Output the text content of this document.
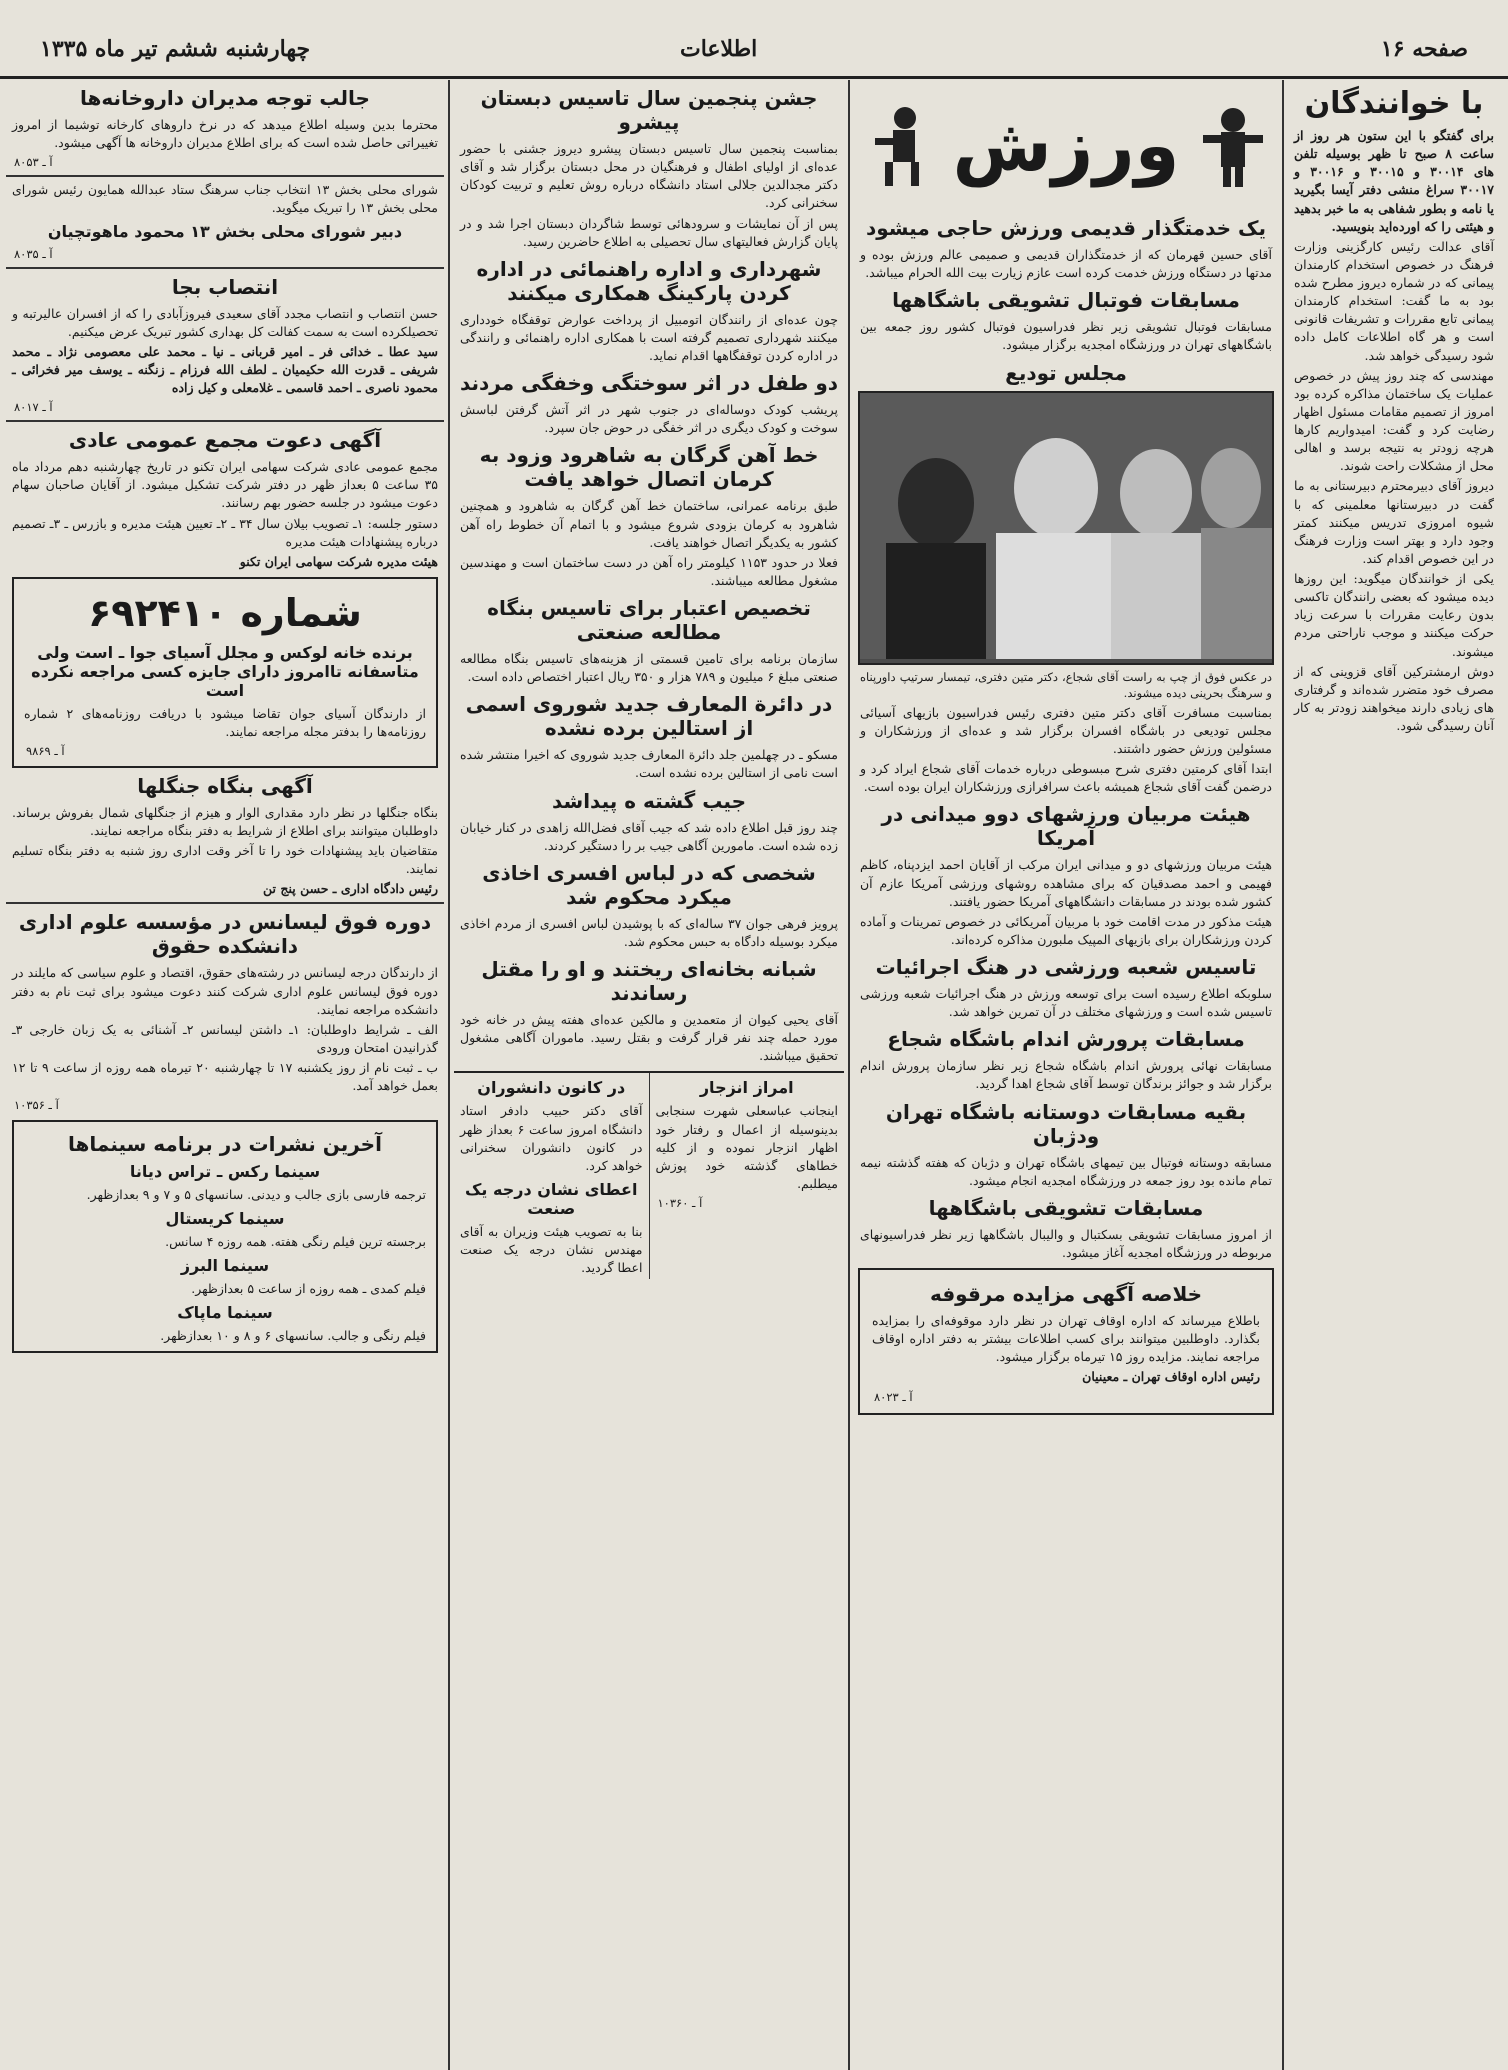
چهارشنبه ششم تیر ماه ۱۳۳۵	اطلاعات	صفحه ۱۶
با خوانندگان

برای گفتگو با این ستون هر روز از ساعت ۸ صبح تا ظهر بوسیله تلفن های ۳۰۰۱۴ و ۳۰۰۱۵ و ۳۰۰۱۶ و ۳۰۰۱۷ سراغ منشی دفتر آیسا بگیرید یا نامه و بطور شفاهی به ما خبر بدهید و هیئتی را که اورده‌اید بنویسید.

آقای عدالت رئیس کارگزینی وزارت فرهنگ در خصوص استخدام کارمندان پیمانی که در شماره دیروز مطرح شده بود به ما گفت: استخدام کارمندان پیمانی تابع مقررات و تشریفات قانونی است و هر گاه اطلاعات کامل داده شود رسیدگی خواهد شد.

مهندسی که چند روز پیش در خصوص عمليات یک ساختمان مذاکره کرده بود امروز از تصمیم مقامات مسئول اظهار رضایت کرد و گفت: امیدواریم کارها هرچه زودتر به نتیجه برسد و اهالی محل از مشکلات راحت شوند.

دیروز آقای دبیرمحترم دبیرستانی به ما گفت در دبیرستانها معلمینی که با شیوه امروزی تدریس میکنند کمتر وجود دارد و بهتر است وزارت فرهنگ در این خصوص اقدام کند.

یکی از خوانندگان میگوید: این روزها دیده میشود که بعضی رانندگان تاکسی بدون رعایت مقررات با سرعت زیاد حرکت میکنند و موجب ناراحتی مردم میشوند.

دوش ارمشترکین آقای قزوینی که از مصرف خود متضرر شده‌اند و گرفتاری های زیادی دارند میخواهند زودتر به کار آنان رسیدگی شود.

ورزش
یک خدمتگذار قدیمی ورزش حاجی میشود

آقای حسین قهرمان که از خدمتگذاران قدیمی و صمیمی عالم ورزش بوده و مدتها در دستگاه ورزش خدمت کرده است عازم زیارت بیت الله الحرام میباشد.

مسابقات فوتبال تشویقی باشگاهها

مسابقات فوتبال تشویقی زیر نظر فدراسیون فوتبال کشور روز جمعه بین باشگاههای تهران در ورزشگاه امجدیه برگزار میشود.

مجلس تودیع

در عکس فوق از چپ به راست آقای شجاع، دکتر متین دفتری، تیمسار سرتیپ داورپناه و سرهنگ بحرینی دیده میشوند.

بمناسبت مسافرت آقای دکتر متین دفتری رئیس فدراسیون بازیهای آسیائی مجلس تودیعی در باشگاه افسران برگزار شد و عده‌ای از ورزشکاران و مسئولین ورزش حضور داشتند.

ابتدا آقای کرمتین دفتری شرح مبسوطی درباره خدمات آقای شجاع ایراد کرد و درضمن گفت آقای شجاع همیشه باعث سرافرازی ورزشکاران ایران بوده است.

هیئت مربیان ورزشهای دوو میدانی در آمریکا

هیئت مربیان ورزشهای دو و میدانی ایران مرکب از آقایان احمد ایزدپناه، کاظم فهیمی و احمد مصدقیان که برای مشاهده روشهای ورزشی آمریکا عازم آن کشور شده بودند در مسابقات دانشگاههای آمریکا حضور یافتند.

هیئت مذکور در مدت اقامت خود با مربیان آمریکائی در خصوص تمرینات و آماده کردن ورزشکاران برای بازیهای المپیک ملبورن مذاکره کرده‌اند.

تاسیس شعبه ورزشی در هنگ اجرائیات

سلوبکه اطلاع رسیده است برای توسعه ورزش در هنگ اجرائیات شعبه ورزشی تاسیس شده است و ورزشهای مختلف در آن تمرین خواهد شد.

مسابقات پرورش اندام باشگاه شجاع

مسابقات نهائی پرورش اندام باشگاه شجاع زیر نظر سازمان پرورش اندام برگزار شد و جوائز برندگان توسط آقای شجاع اهدا گردید.

بقیه مسابقات دوستانه باشگاه تهران ودژبان

مسابقه دوستانه فوتبال بین تیمهای باشگاه تهران و دژبان که هفته گذشته نیمه تمام مانده بود روز جمعه در ورزشگاه امجدیه انجام میشود.

مسابقات تشویقی باشگاهها

از امروز مسابقات تشویقی بسکتبال و والیبال باشگاهها زیر نظر فدراسیونهای مربوطه در ورزشگاه امجدیه آغاز میشود.

خلاصه آگهی مزایده مرقوفه

باطلاع میرساند که اداره اوقاف تهران در نظر دارد موقوفه‌ای را بمزایده بگذارد. داوطلبین میتوانند برای کسب اطلاعات بیشتر به دفتر اداره اوقاف مراجعه نمایند. مزایده روز ۱۵ تیرماه برگزار میشود.

رئیس اداره اوقاف تهران ـ معینیان

آ ـ ۸۰۲۳

جشن پنجمین سال تاسیس دبستان پیشرو

بمناسبت پنجمین سال تاسیس دبستان پیشرو دیروز جشنی با حضور عده‌ای از اولیای اطفال و فرهنگیان در محل دبستان برگزار شد و آقای دکتر مجدالدین جلالی استاد دانشگاه درباره روش تعلیم و تربیت کودکان سخنرانی کرد.

پس از آن نمایشات و سرودهائی توسط شاگردان دبستان اجرا شد و در پایان گزارش فعالیتهای سال تحصیلی به اطلاع حاضرین رسید.

شهرداری و اداره راهنمائی در اداره کردن پارکینگ همکاری میکنند

چون عده‌ای از رانندگان اتومبیل از پرداخت عوارض توقفگاه خودداری میکنند شهرداری تصمیم گرفته است با همکاری اداره راهنمائی و رانندگی در اداره کردن توقفگاهها اقدام نماید.

دو طفل در اثر سوختگی وخفگی مردند

پریشب کودک دوساله‌ای در جنوب شهر در اثر آتش گرفتن لباسش سوخت و کودک دیگری در اثر خفگی در حوض جان سپرد.

خط آهن گرگان به شاهرود وزود به کرمان اتصال خواهد یافت

طبق برنامه عمرانی، ساختمان خط آهن گرگان به شاهرود و همچنین شاهرود به کرمان بزودی شروع میشود و با اتمام آن خطوط راه آهن کشور به یکدیگر اتصال خواهند یافت.

فعلا در حدود ۱۱۵۳ کیلومتر راه آهن در دست ساختمان است و مهندسین مشغول مطالعه میباشند.

تخصیص اعتبار برای تاسیس بنگاه مطالعه صنعتی

سازمان برنامه برای تامین قسمتی از هزینه‌های تاسیس بنگاه مطالعه صنعتی مبلغ ۶ میلیون و ۷۸۹ هزار و ۳۵۰ ریال اعتبار اختصاص داده است.

در دائرة المعارف جدید شوروی اسمی از استالین برده نشده

مسکو ـ در چهلمین جلد دائرة المعارف جدید شوروی که اخیرا منتشر شده است نامی از استالین برده نشده است.

جیب گشته ه پیداشد

چند روز قبل اطلاع داده شد که جیب آقای فضل‌الله زاهدی در کنار خیابان زده شده است. مامورین آگاهی جیب بر را دستگیر کردند.

شخصی که در لباس افسری اخاذی میکرد محکوم شد

پرویز فرهی جوان ۳۷ ساله‌ای که با پوشیدن لباس افسری از مردم اخاذی میکرد بوسیله دادگاه به حبس محکوم شد.

شبانه بخانه‌ای ریختند و او را مقتل رساندند

آقای یحیی کیوان از متعمدین و مالکین عده‌ای هفته پیش در خانه خود مورد حمله چند نفر قرار گرفت و بقتل رسید. ماموران آگاهی مشغول تحقیق میباشند.

امراز انزجار

اینجانب عباسعلی شهرت سنجابی بدینوسیله از اعمال و رفتار خود اظهار انزجار نموده و از کلیه خطاهای گذشته خود پوزش میطلبم.

آ ـ ۱۰۳۶۰

در کانون دانشوران

آقای دکتر حبیب دادفر استاد دانشگاه امروز ساعت ۶ بعداز ظهر در کانون دانشوران سخنرانی خواهد کرد.

اعطای نشان درجه یک صنعت

بنا به تصویب هیئت وزیران به آقای مهندس نشان درجه یک صنعت اعطا گردید.

جالب توجه مدیران داروخانه‌ها

محترما بدین وسیله اطلاع میدهد که در نرخ داروهای کارخانه توشیما از امروز تغییراتی حاصل شده است که برای اطلاع مدیران داروخانه ها آگهی میشود.

آ ـ ۸۰۵۳

شورای محلی بخش ۱۳ انتخاب جناب سرهنگ ستاد عبدالله همایون رئیس شورای محلی بخش ۱۳ را تبریک میگوید.

دبیر شورای محلی بخش ۱۳ محمود ماهوتچیان

آ ـ ۸۰۳۵

انتصاب بجا

حسن انتصاب و انتصاب مجدد آقای سعیدی فیروزآبادی را که از افسران عالیرتبه و تحصیلکرده است به سمت کفالت کل بهداری کشور تبریک عرض میکنیم.

سید عطا ـ خدائی فر ـ امیر قربانی ـ نیا ـ محمد علی معصومی نژاد ـ محمد شریفی ـ قدرت الله حکیمیان ـ لطف الله فرزام ـ زنگنه ـ یوسف میر فخرائی ـ محمود ناصری ـ احمد قاسمی ـ غلامعلی و کیل زاده

آ ـ ۸۰۱۷

آگهی دعوت مجمع عمومی عادی

مجمع عمومی عادی شرکت سهامی ایران تکنو در تاریخ چهارشنبه دهم مرداد ماه ۳۵ ساعت ۵ بعداز ظهر در دفتر شرکت تشکیل میشود. از آقایان صاحبان سهام دعوت میشود در جلسه حضور بهم رسانند.

دستور جلسه: ۱ـ تصویب بیلان سال ۳۴ ـ ۲ـ تعیین هیئت مدیره و بازرس ـ ۳ـ تصمیم درباره پیشنهادات هیئت مدیره

هیئت مدیره شرکت سهامی ایران تکنو

شماره ۶۹۲۴۱۰
برنده خانه لوکس و مجلل آسیای جوا ـ است ولی متاسفانه تاامروز دارای جایزه کسی مراجعه نکرده است

از دارندگان آسیای جوان تقاضا میشود با دریافت روزنامه‌های ۲ شماره روزنامه‌ها را بدفتر مجله مراجعه نمایند.

آ ـ ۹۸۶۹

آگهی بنگاه جنگلها

بنگاه جنگلها در نظر دارد مقداری الوار و هیزم از جنگلهای شمال بفروش برساند. داوطلبان میتوانند برای اطلاع از شرایط به دفتر بنگاه مراجعه نمایند.

متقاضیان باید پیشنهادات خود را تا آخر وقت اداری روز شنبه به دفتر بنگاه تسلیم نمایند.

رئیس دادگاه اداری ـ حسن پنج تن

دوره فوق لیسانس در مؤسسه علوم اداری دانشکده حقوق

از دارندگان درجه لیسانس در رشته‌های حقوق، اقتصاد و علوم سیاسی که مایلند در دوره فوق لیسانس علوم اداری شرکت کنند دعوت میشود برای ثبت نام به دفتر دانشکده مراجعه نمایند.

الف ـ شرایط داوطلبان: ۱ـ داشتن لیسانس ۲ـ آشنائی به یک زبان خارجی ۳ـ گذرانیدن امتحان ورودی

ب ـ ثبت نام از روز یکشنبه ۱۷ تا چهارشنبه ۲۰ تیرماه همه روزه از ساعت ۹ تا ۱۲ بعمل خواهد آمد.

آ ـ ۱۰۳۵۶

آخرین نشرات در برنامه سینماها
سینما رکس ـ تراس دیانا

ترجمه فارسی بازی جالب و دیدنی. سانسهای ۵ و ۷ و ۹ بعدازظهر.

سینما کریستال

برجسته ترین فیلم رنگی هفته. همه روزه ۴ سانس.

سینما البرز

فیلم کمدی ـ همه روزه از ساعت ۵ بعدازظهر.

سینما ماپاک

فیلم رنگی و جالب. سانسهای ۶ و ۸ و ۱۰ بعدازظهر.
